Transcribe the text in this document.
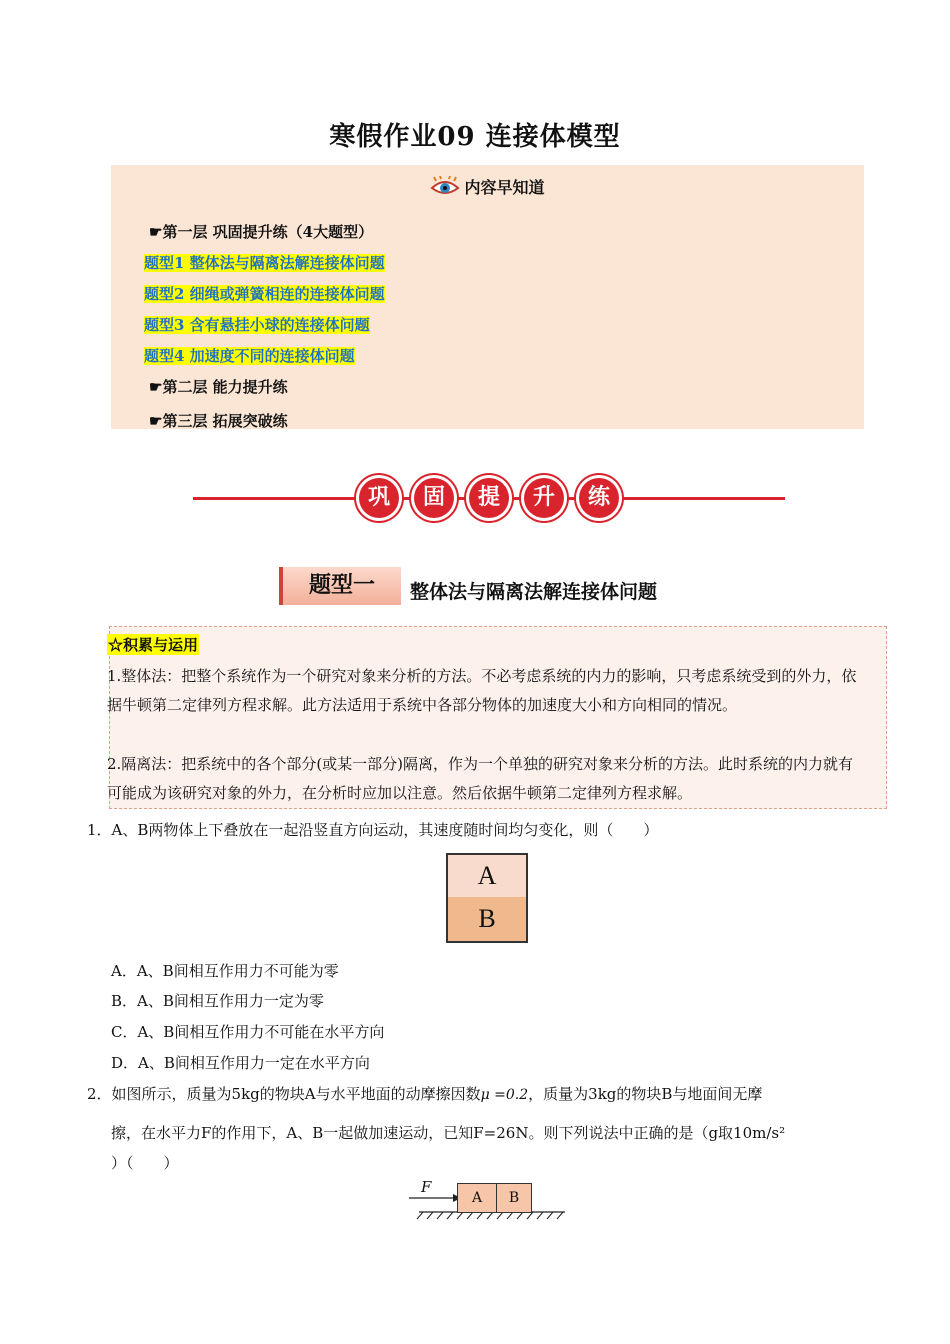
寒假作业09 连接体模型
内容早知道
☛第一层 巩固提升练（4大题型）
题型1 整体法与隔离法解连接体问题
题型2 细绳或弹簧相连的连接体问题
题型3 含有悬挂小球的连接体问题
题型4 加速度不同的连接体问题
☛第二层 能力提升练
☛第三层 拓展突破练
巩	固	提	升	练
题型一	整体法与隔离法解连接体问题
☆积累与运用
1.整体法：把整个系统作为一个研究对象来分析的方法。不必考虑系统的内力的影响，只考虑系统受到的外力，依据牛顿第二定律列方程求解。此方法适用于系统中各部分物体的加速度大小和方向相同的情况。
2.隔离法：把系统中的各个部分(或某一部分)隔离，作为一个单独的研究对象来分析的方法。此时系统的内力就有可能成为该研究对象的外力，在分析时应加以注意。然后依据牛顿第二定律列方程求解。
1．A、B两物体上下叠放在一起沿竖直方向运动，其速度随时间均匀变化，则（　　）
A
B
A．A、B间相互作用力不可能为零
B．A、B间相互作用力一定为零
C．A、B间相互作用力不可能在水平方向
D．A、B间相互作用力一定在水平方向
2．如图所示，质量为5kg的物块A与水平地面的动摩擦因数μ =0.2，质量为3kg的物块B与地面间无摩
擦，在水平力F的作用下，A、B一起做加速运动，已知F=26N。则下列说法中正确的是（g取10m/s²
）（　　）
F
A	B
